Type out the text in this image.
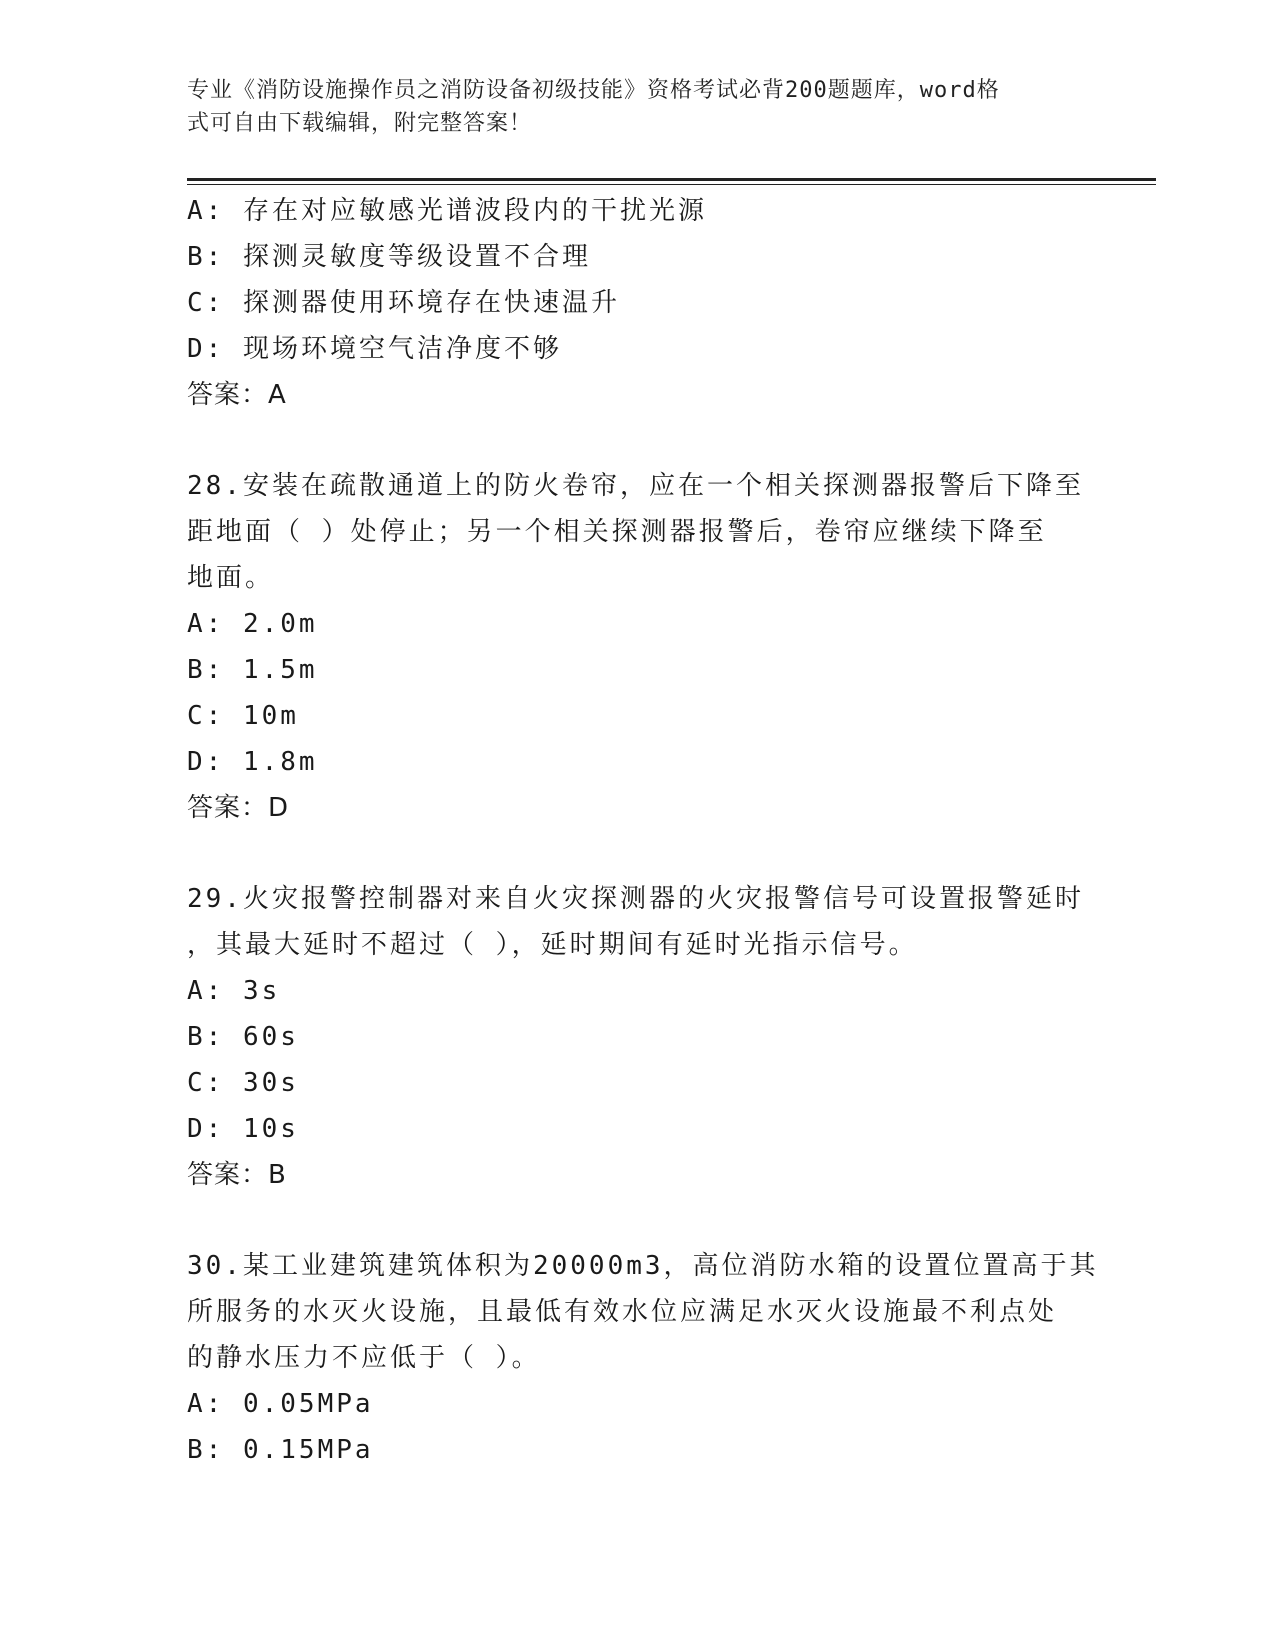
专业《消防设施操作员之消防设备初级技能》资格考试必背200题题库，word格
式可自由下载编辑，附完整答案！
A: 存在对应敏感光谱波段内的干扰光源
B: 探测灵敏度等级设置不合理
C: 探测器使用环境存在快速温升
D: 现场环境空气洁净度不够
答案：A
28.安装在疏散通道上的防火卷帘，应在一个相关探测器报警后下降至
距地面（ ）处停止；另一个相关探测器报警后，卷帘应继续下降至
地面。
A: 2.0m
B: 1.5m
C: 10m
D: 1.8m
答案：D
29.火灾报警控制器对来自火灾探测器的火灾报警信号可设置报警延时
，其最大延时不超过（ ），延时期间有延时光指示信号。
A: 3s
B: 60s
C: 30s
D: 10s
答案：B
30.某工业建筑建筑体积为20000m3，高位消防水箱的设置位置高于其
所服务的水灭火设施，且最低有效水位应满足水灭火设施最不利点处
的静水压力不应低于（ ）。
A: 0.05MPa
B: 0.15MPa
